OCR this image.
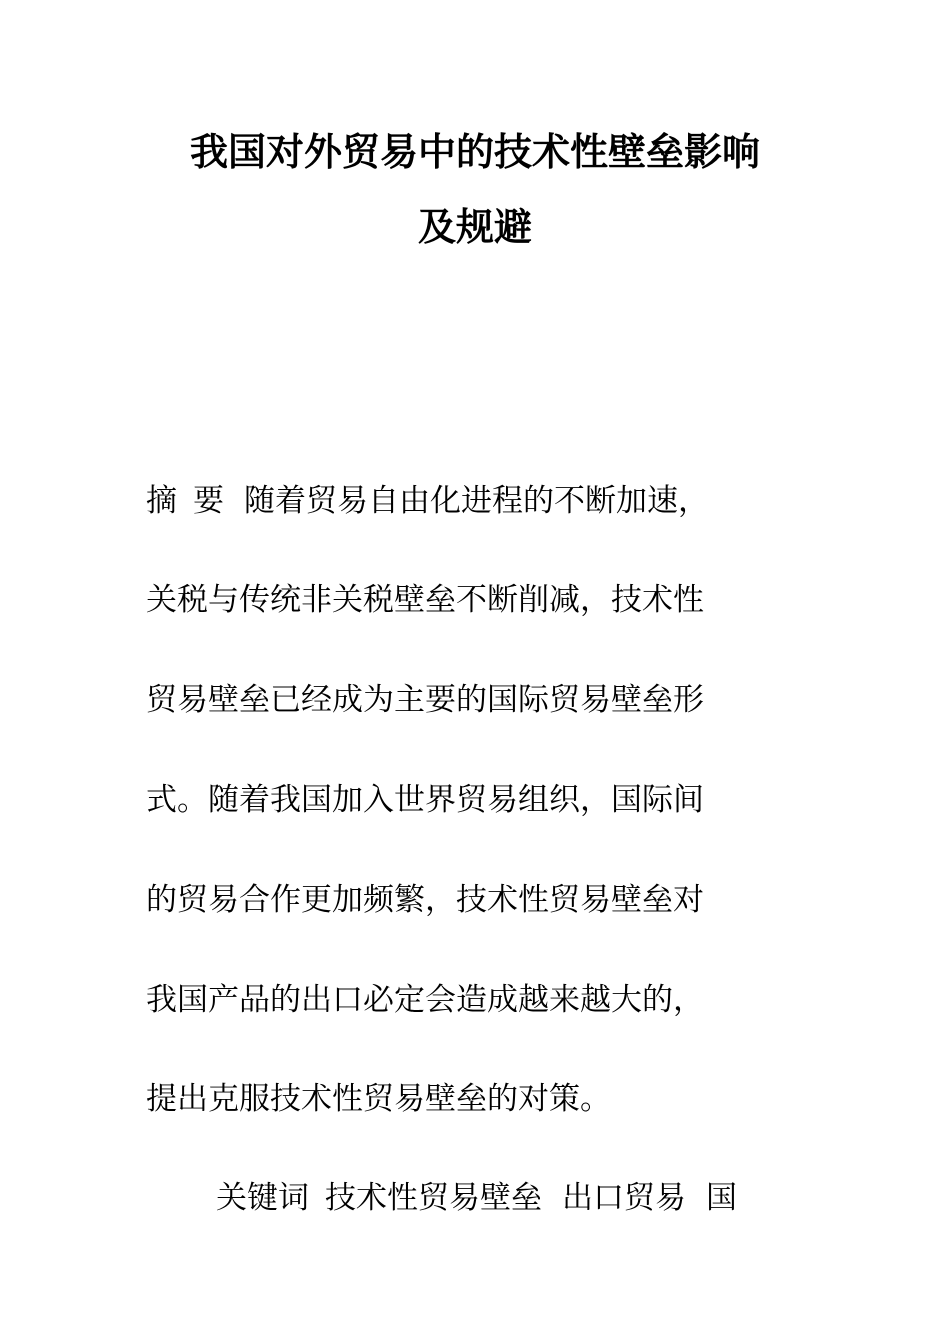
我国对外贸易中的技术性壁垒影响
及规避
摘 要 随着贸易自由化进程的不断加速，
关税与传统非关税壁垒不断削减，技术性
贸易壁垒已经成为主要的国际贸易壁垒形
式。随着我国加入世界贸易组织，国际间
的贸易合作更加频繁，技术性贸易壁垒对
我国产品的出口必定会造成越来越大的，
提出克服技术性贸易壁垒的对策。
关键词 技术性贸易壁垒 出口贸易 国
